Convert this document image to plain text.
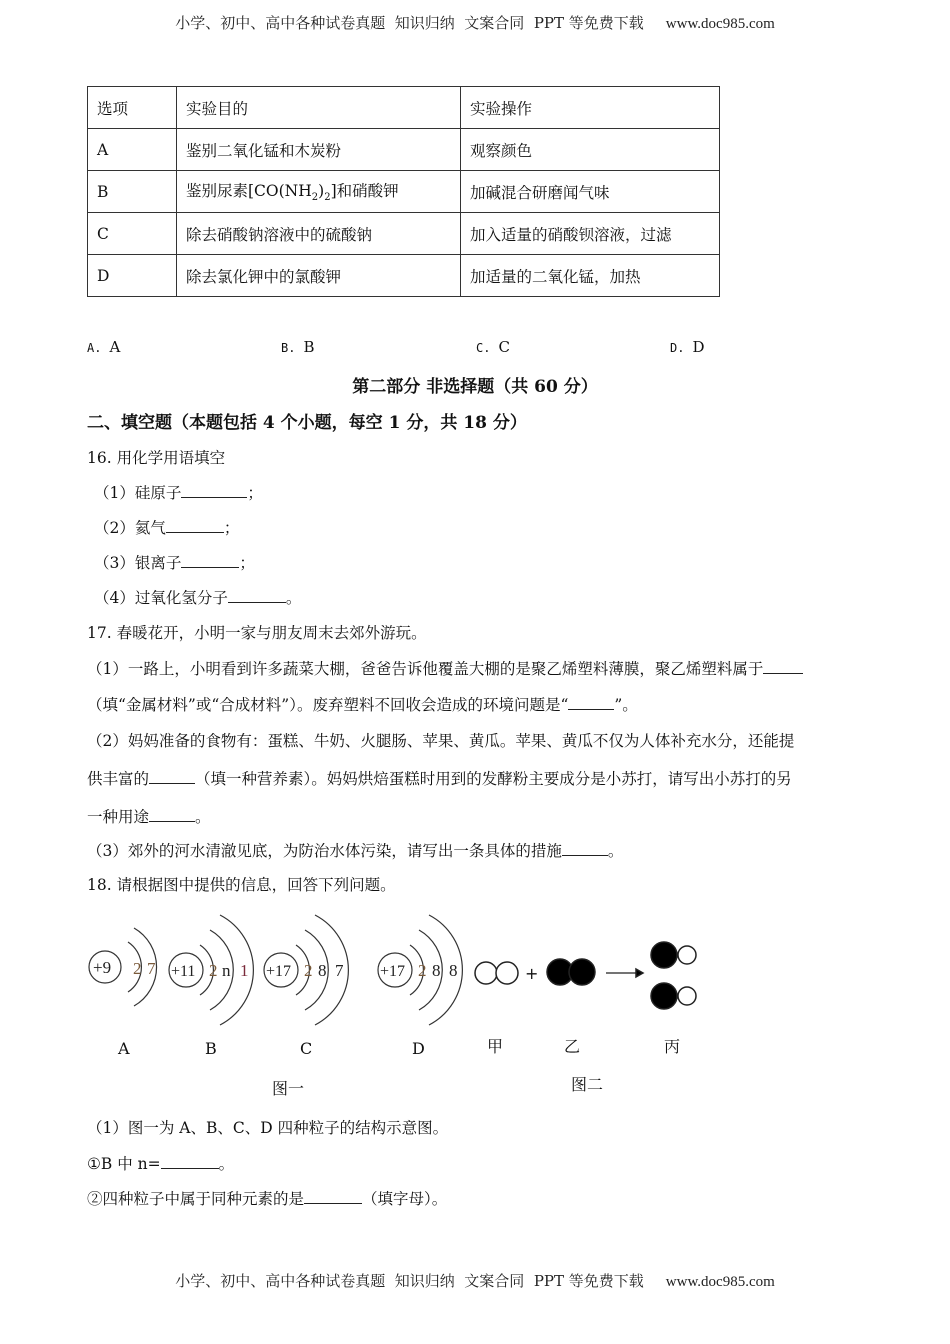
小学、初中、高中各种试卷真题  知识归纳  文案合同  PPT 等免费下载 www.doc985.com
选项	实验目的	实验操作
A	鉴别二氧化锰和木炭粉	观察颜色
B	鉴别尿素$[CO(NH_2)_2]$和硝酸钾	加碱混合研磨闻气味
C	除去硝酸钠溶液中的硫酸钠	加入适量的硝酸钡溶液，过滤
D	除去氯化钾中的氯酸钾	加适量的二氧化锰，加热
A. A	B. B	C. C	D. D
第二部分 非选择题（共 60 分）
二、填空题（本题包括 4 个小题，每空 1 分，共 18 分）
16. 用化学用语填空
（1）硅原子	；
（2）氦气	；
（3）银离子	；
（4）过氧化氢分子	。
17. 春暖花开，小明一家与朋友周末去郊外游玩。
（1）一路上，小明看到许多蔬菜大棚，爸爸告诉他覆盖大棚的是聚乙烯塑料薄膜，聚乙烯塑料属于
（填“金属材料”或“合成材料”）。废弃塑料不回收会造成的环境问题是“	”。
（2）妈妈准备的食物有：蛋糕、牛奶、火腿肠、苹果、黄瓜。苹果、黄瓜不仅为人体补充水分，还能提
供丰富的	（填一种营养素）。妈妈烘焙蛋糕时用到的发酵粉主要成分是小苏打，请写出小苏打的另
一种用途	。
（3）郊外的河水清澈见底，为防治水体污染，请写出一条具体的措施	。
18. 请根据图中提供的信息，回答下列问题。
+9 2 7 +11 2 n 1 +17 2 8 7 +17 2 8 8	+
A	B	C	D
图一
甲	乙	丙
图二
（1）图一为 A、B、C、D 四种粒子的结构示意图。
①B 中 n=	。
②四种粒子中属于同种元素的是	（填字母）。
小学、初中、高中各种试卷真题  知识归纳  文案合同  PPT 等免费下载 www.doc985.com
